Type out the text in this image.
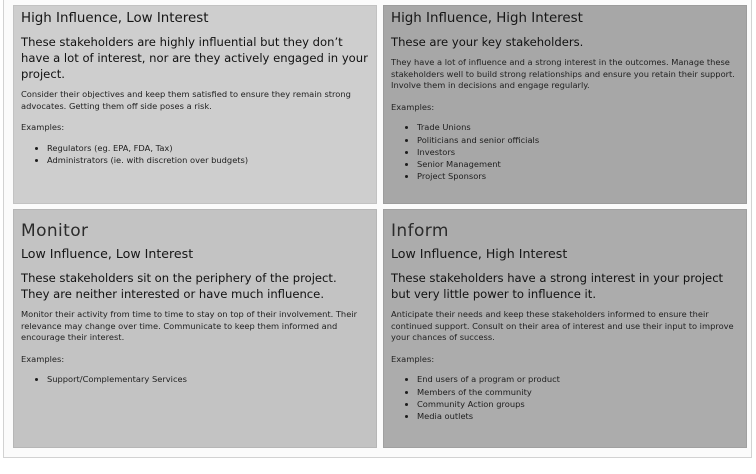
High Influence, Low Interest
These stakeholders are highly influential but they don’t have a lot of interest, nor are they actively engaged in your project.
Consider their objectives and keep them satisfied to ensure they remain strong advocates. Getting them off side poses a risk.
Examples:
• Regulators (eg. EPA, FDA, Tax)
• Administrators (ie. with discretion over budgets)
High Influence, High Interest
These are your key stakeholders.
They have a lot of influence and a strong interest in the outcomes. Manage these stakeholders well to build strong relationships and ensure you retain their support. Involve them in decisions and engage regularly.
Examples:
• Trade Unions
• Politicians and senior officials
• Investors
• Senior Management
• Project Sponsors
Monitor
Low Influence, Low Interest
These stakeholders sit on the periphery of the project. They are neither interested or have much influence.
Monitor their activity from time to time to stay on top of their involvement. Their relevance may change over time. Communicate to keep them informed and encourage their interest.
Examples:
• Support/Complementary Services
Inform
Low Influence, High Interest
These stakeholders have a strong interest in your project but very little power to influence it.
Anticipate their needs and keep these stakeholders informed to ensure their continued support. Consult on their area of interest and use their input to improve your chances of success.
Examples:
• End users of a program or product
• Members of the community
• Community Action groups
• Media outlets
